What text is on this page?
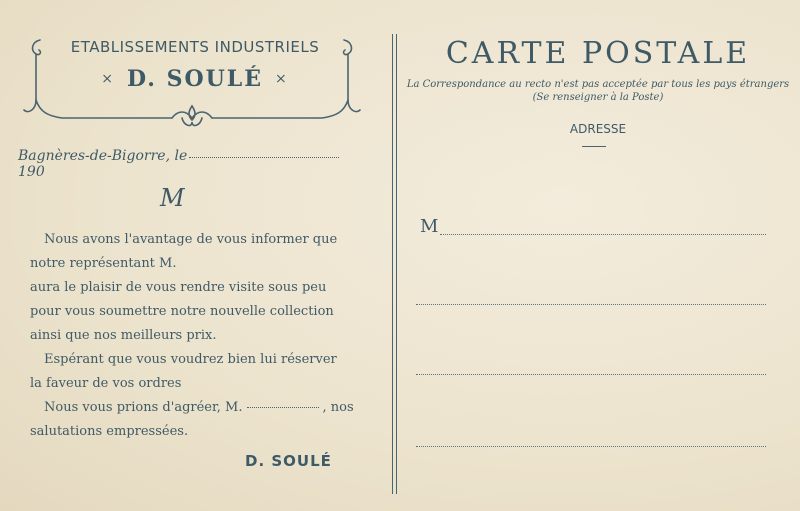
ETABLISSEMENTS INDUSTRIELS
× D. SOULÉ ×
Bagnères-de-Bigorre, le190
M

Nous avons l'avantage de vous informer que

notre représentant M.

aura le plaisir de vous rendre visite sous peu

pour vous soumettre notre nouvelle collection

ainsi que nos meilleurs prix.

Espérant que vous voudrez bien lui réserver

la faveur de vos ordres

Nous vous prions d'agréer, M.	, nos

salutations empressées.

D. SOULÉ
CARTE POSTALE
La Correspondance au recto n'est pas acceptée par tous les pays étrangers
(Se renseigner à la Poste)
ADRESSE
M
